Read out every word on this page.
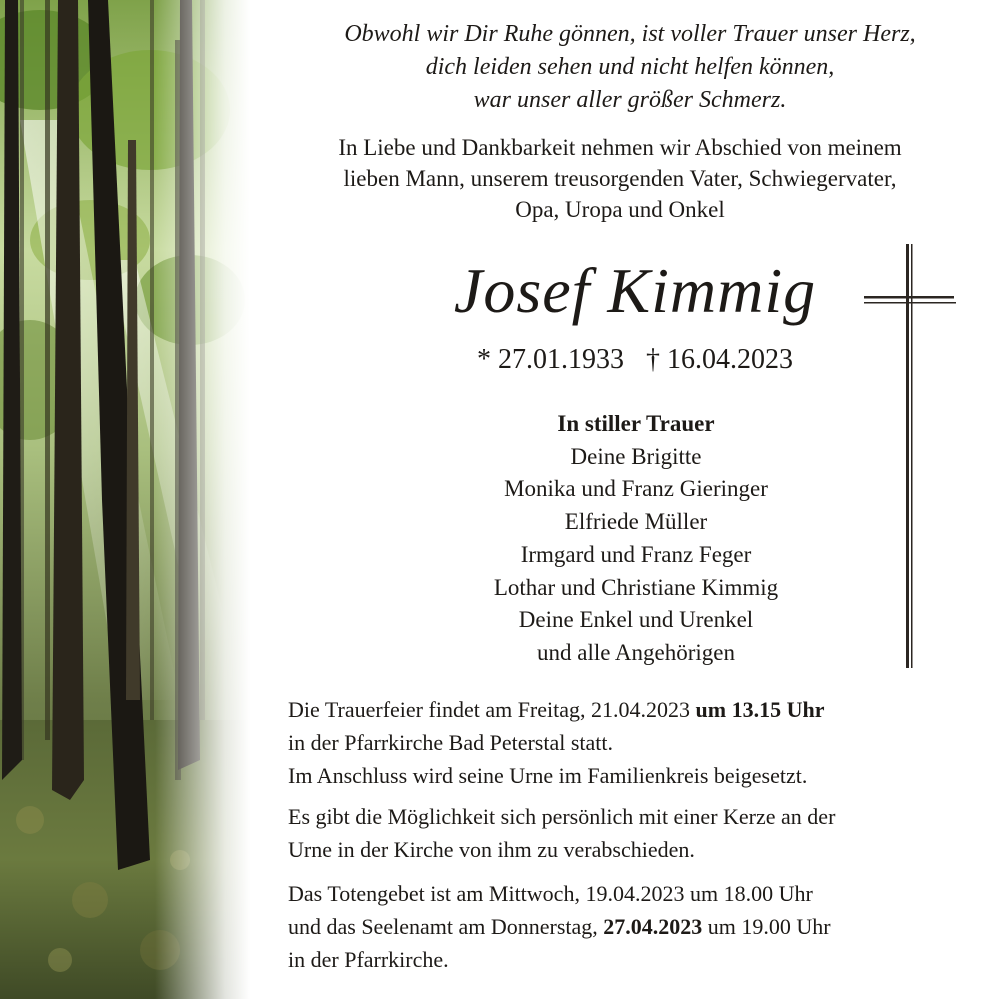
Obwohl wir Dir Ruhe gönnen, ist voller Trauer unser Herz,
dich leiden sehen und nicht helfen können,
war unser aller größer Schmerz.
In Liebe und Dankbarkeit nehmen wir Abschied von meinem
lieben Mann, unserem treusorgenden Vater, Schwiegervater,
Opa, Uropa und Onkel
Josef Kimmig
* 27.01.1933 † 16.04.2023
In stiller Trauer
Deine Brigitte
Monika und Franz Gieringer
Elfriede Müller
Irmgard und Franz Feger
Lothar und Christiane Kimmig
Deine Enkel und Urenkel
und alle Angehörigen
Die Trauerfeier findet am Freitag, 21.04.2023 um 13.15 Uhr
in der Pfarrkirche Bad Peterstal statt.
Im Anschluss wird seine Urne im Familienkreis beigesetzt.
Es gibt die Möglichkeit sich persönlich mit einer Kerze an der
Urne in der Kirche von ihm zu verabschieden.
Das Totengebet ist am Mittwoch, 19.04.2023 um 18.00 Uhr
und das Seelenamt am Donnerstag, 27.04.2023 um 19.00 Uhr
in der Pfarrkirche.
